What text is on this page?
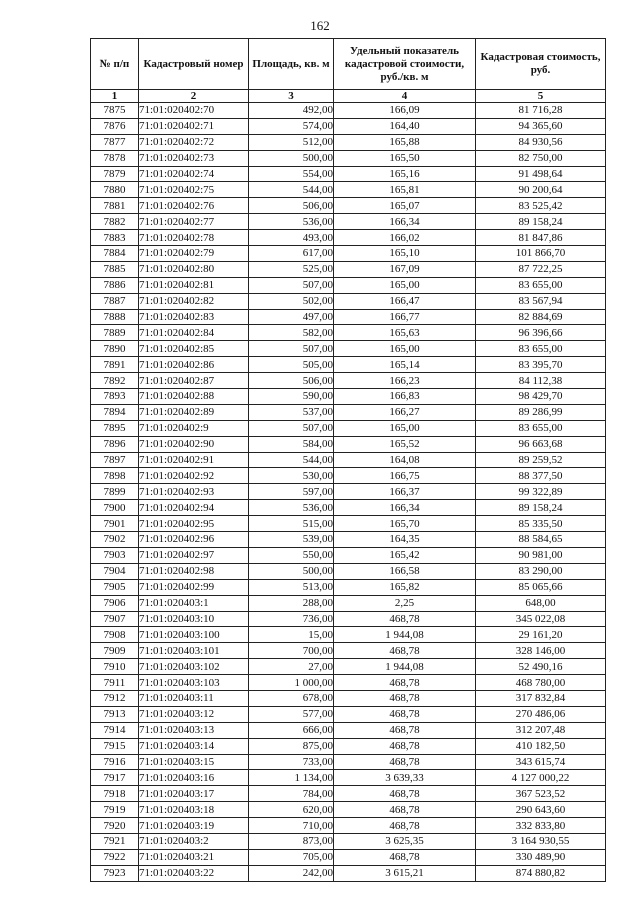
162
№ п/п	Кадастровый номер	Площадь, кв. м	Удельный показатель кадастровой стоимости, руб./кв. м	Кадастровая стоимость, руб.
1	2	3	4	5
7875	71:01:020402:70	492,00	166,09	81 716,28
7876	71:01:020402:71	574,00	164,40	94 365,60
7877	71:01:020402:72	512,00	165,88	84 930,56
7878	71:01:020402:73	500,00	165,50	82 750,00
7879	71:01:020402:74	554,00	165,16	91 498,64
7880	71:01:020402:75	544,00	165,81	90 200,64
7881	71:01:020402:76	506,00	165,07	83 525,42
7882	71:01:020402:77	536,00	166,34	89 158,24
7883	71:01:020402:78	493,00	166,02	81 847,86
7884	71:01:020402:79	617,00	165,10	101 866,70
7885	71:01:020402:80	525,00	167,09	87 722,25
7886	71:01:020402:81	507,00	165,00	83 655,00
7887	71:01:020402:82	502,00	166,47	83 567,94
7888	71:01:020402:83	497,00	166,77	82 884,69
7889	71:01:020402:84	582,00	165,63	96 396,66
7890	71:01:020402:85	507,00	165,00	83 655,00
7891	71:01:020402:86	505,00	165,14	83 395,70
7892	71:01:020402:87	506,00	166,23	84 112,38
7893	71:01:020402:88	590,00	166,83	98 429,70
7894	71:01:020402:89	537,00	166,27	89 286,99
7895	71:01:020402:9	507,00	165,00	83 655,00
7896	71:01:020402:90	584,00	165,52	96 663,68
7897	71:01:020402:91	544,00	164,08	89 259,52
7898	71:01:020402:92	530,00	166,75	88 377,50
7899	71:01:020402:93	597,00	166,37	99 322,89
7900	71:01:020402:94	536,00	166,34	89 158,24
7901	71:01:020402:95	515,00	165,70	85 335,50
7902	71:01:020402:96	539,00	164,35	88 584,65
7903	71:01:020402:97	550,00	165,42	90 981,00
7904	71:01:020402:98	500,00	166,58	83 290,00
7905	71:01:020402:99	513,00	165,82	85 065,66
7906	71:01:020403:1	288,00	2,25	648,00
7907	71:01:020403:10	736,00	468,78	345 022,08
7908	71:01:020403:100	15,00	1 944,08	29 161,20
7909	71:01:020403:101	700,00	468,78	328 146,00
7910	71:01:020403:102	27,00	1 944,08	52 490,16
7911	71:01:020403:103	1 000,00	468,78	468 780,00
7912	71:01:020403:11	678,00	468,78	317 832,84
7913	71:01:020403:12	577,00	468,78	270 486,06
7914	71:01:020403:13	666,00	468,78	312 207,48
7915	71:01:020403:14	875,00	468,78	410 182,50
7916	71:01:020403:15	733,00	468,78	343 615,74
7917	71:01:020403:16	1 134,00	3 639,33	4 127 000,22
7918	71:01:020403:17	784,00	468,78	367 523,52
7919	71:01:020403:18	620,00	468,78	290 643,60
7920	71:01:020403:19	710,00	468,78	332 833,80
7921	71:01:020403:2	873,00	3 625,35	3 164 930,55
7922	71:01:020403:21	705,00	468,78	330 489,90
7923	71:01:020403:22	242,00	3 615,21	874 880,82
